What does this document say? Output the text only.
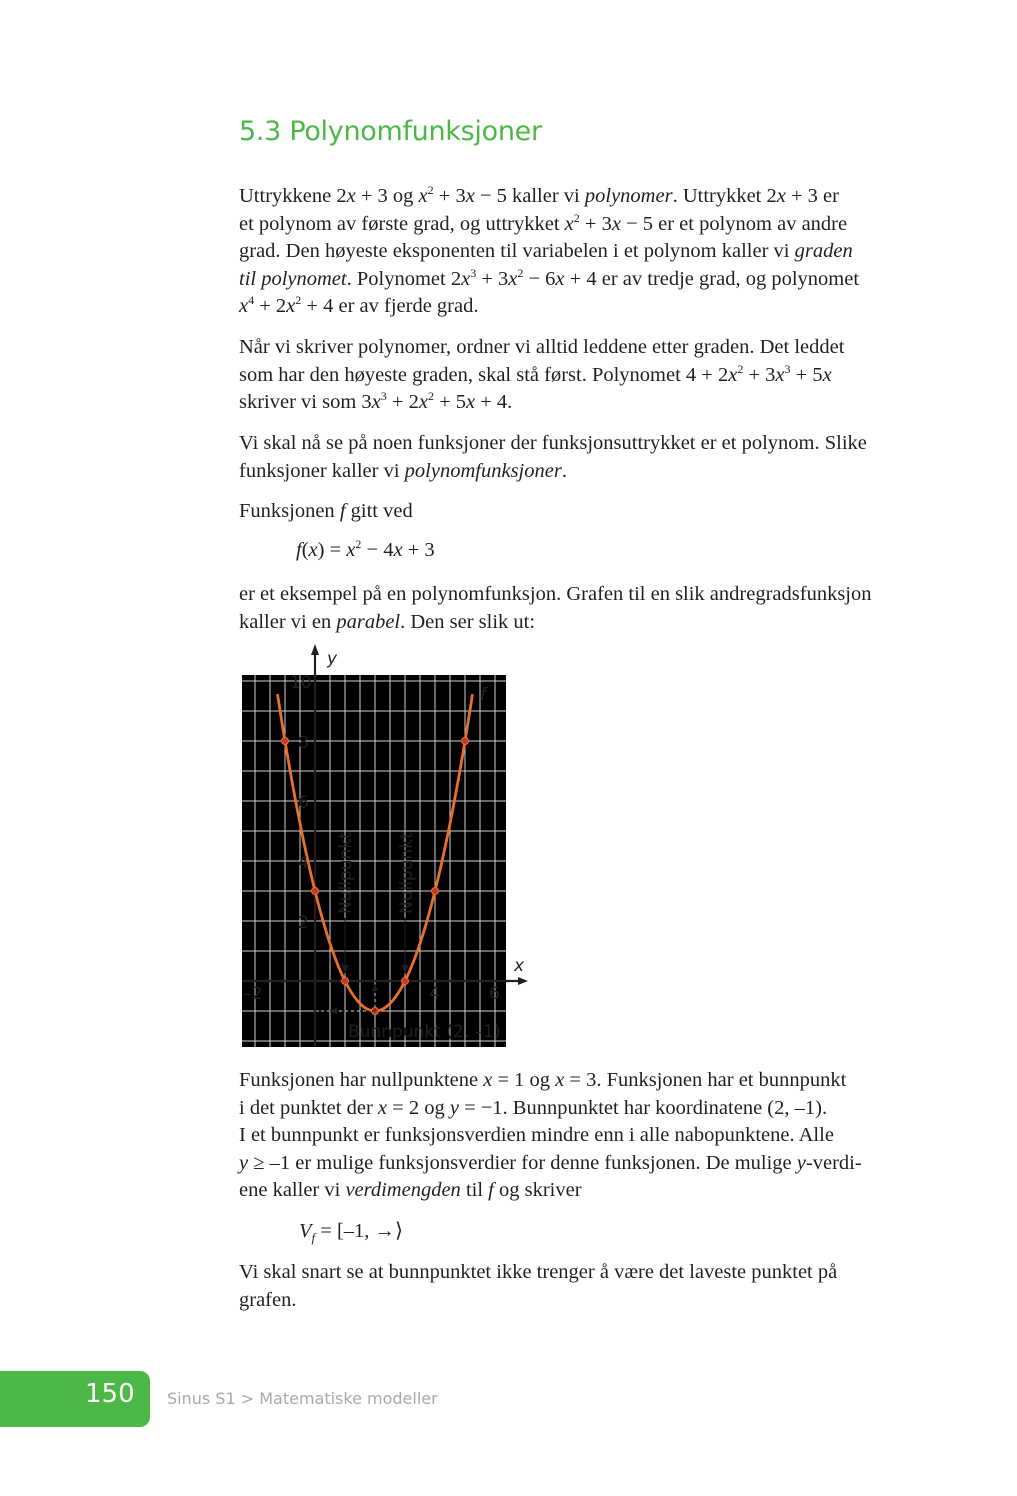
5.3 Polynomfunksjoner
Uttrykkene 2x + 3 og $x^2 + 3x - 5$ kaller vi polynomer. Uttrykket 2x + 3 er
et polynom av første grad, og uttrykket $x^2 + 3x - 5$ er et polynom av andre
grad. Den høyeste eksponenten til variabelen i et polynom kaller vi graden
til polynomet. Polynomet $2x^3 + 3x^2 - 6x + 4$ er av tredje grad, og polynomet
$x^4 + 2x^2 + 4$ er av fjerde grad.
Når vi skriver polynomer, ordner vi alltid leddene etter graden. Det leddet
som har den høyeste graden, skal stå først. Polynomet $4 + 2x^2 + 3x^3 + 5x$
skriver vi som $3x^3 + 2x^2 + 5x + 4$.
Vi skal nå se på noen funksjoner der funksjonsuttrykket er et polynom. Slike
funksjoner kaller vi polynomfunksjoner.
Funksjonen f gitt ved
$f(x) = x^2 - 4x + 3$
er et eksempel på en polynomfunksjon. Grafen til en slik andregradsfunksjon
kaller vi en parabel. Den ser slik ut:
y
x
f
10
8
6
4
2
–2	4	6
Nullpunkt Nullpunkt
Bunnpunkt (2, –1)
Funksjonen har nullpunktene x = 1 og x = 3. Funksjonen har et bunnpunkt
i det punktet der x = 2 og y = −1. Bunnpunktet har koordinatene (2, –1).
I et bunnpunkt er funksjonsverdien mindre enn i alle nabopunktene. Alle
y ≥ –1 er mulige funksjonsverdier for denne funksjonen. De mulige y-verdi-
ene kaller vi verdimengden til f og skriver
$V_f = [-1$, →⟩
Vi skal snart se at bunnpunktet ikke trenger å være det laveste punktet på
grafen.
150 Sinus S1 > Matematiske modeller
